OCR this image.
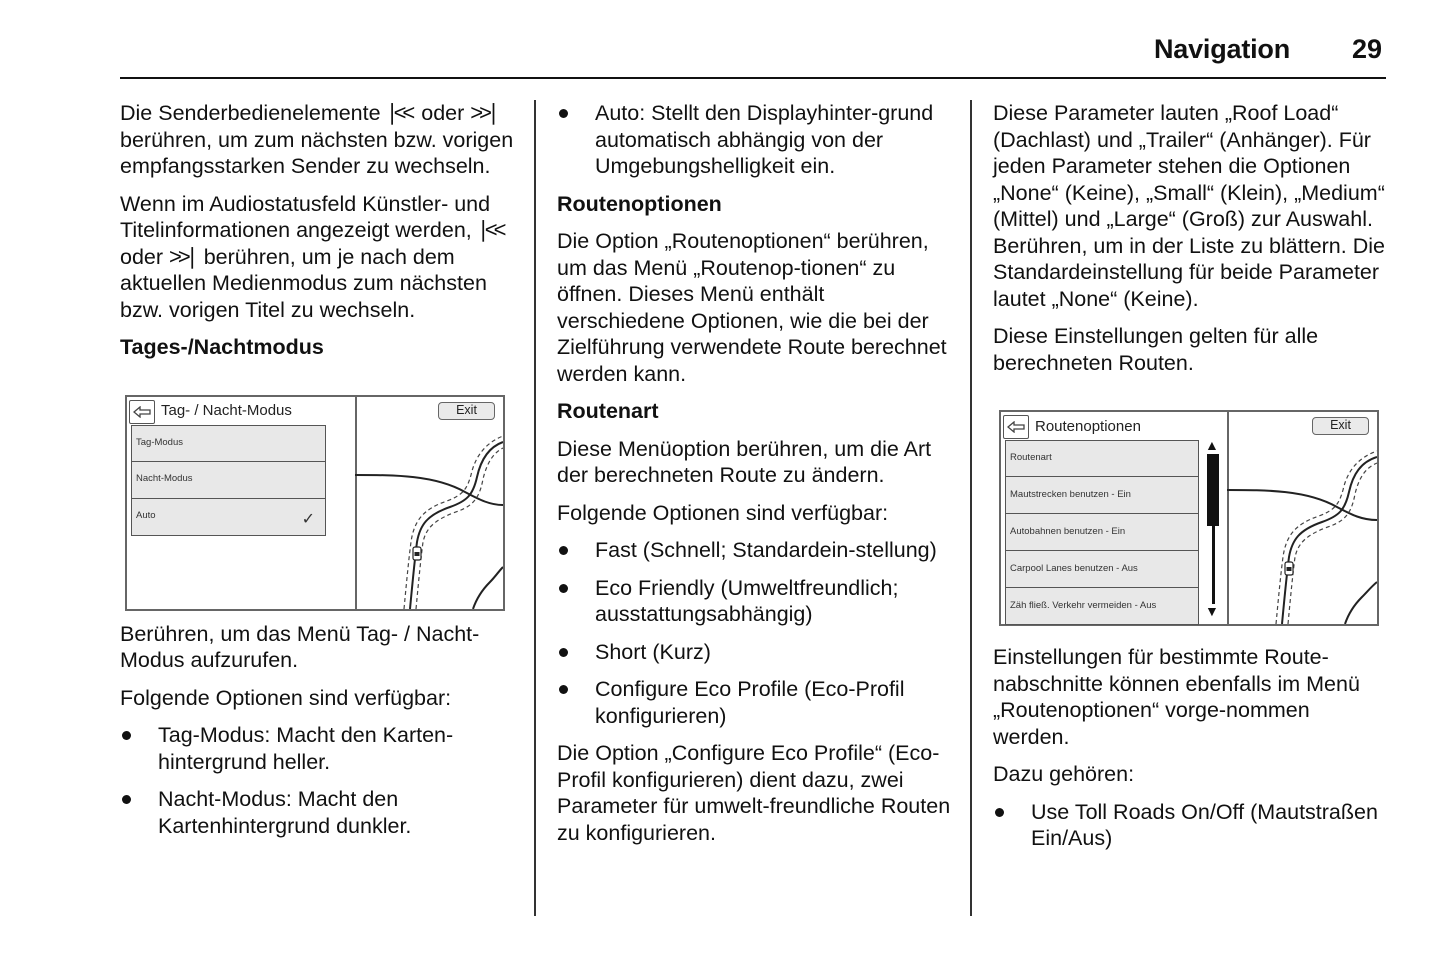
Navigation 29

Die Senderbedienelemente ∣<< oder >>∣ berühren, um zum nächsten bzw. vorigen empfangsstarken Sender zu wechseln.

Wenn im Audiostatusfeld Künstler- und Titelinformationen angezeigt werden, ∣<< oder >>∣ berühren, um je nach dem aktuellen Medienmodus zum nächsten bzw. vorigen Titel zu wechseln.

Tages-/Nachtmodus
Tag- / Nacht-Modus
Tag-Modus
Nacht-Modus
Auto	✓
Exit

Berühren, um das Menü Tag- / Nacht-Modus aufzurufen.

Folgende Optionen sind verfügbar:

Tag-Modus: Macht den Karten-hintergrund heller.
Nacht-Modus: Macht den Kartenhintergrund dunkler.
Auto: Stellt den Displayhinter-grund automatisch abhängig von der Umgebungshelligkeit ein.
Routenoptionen

Die Option „Routenoptionen“ berühren, um das Menü „Routenop-tionen“ zu öffnen. Dieses Menü enthält verschiedene Optionen, wie die bei der Zielführung verwendete Route berechnet werden kann.

Routenart

Diese Menüoption berühren, um die Art der berechneten Route zu ändern.

Folgende Optionen sind verfügbar:

Fast (Schnell; Standardein-stellung)
Eco Friendly (Umweltfreundlich; ausstattungsabhängig)
Short (Kurz)
Configure Eco Profile (Eco-Profil konfigurieren)

Die Option „Configure Eco Profile“ (Eco-Profil konfigurieren) dient dazu, zwei Parameter für umwelt-freundliche Routen zu konfigurieren.

Diese Parameter lauten „Roof Load“ (Dachlast) und „Trailer“ (Anhänger). Für jeden Parameter stehen die Optionen „None“ (Keine), „Small“ (Klein), „Medium“ (Mittel) und „Large“ (Groß) zur Auswahl. Berühren, um in der Liste zu blättern. Die Standardeinstellung für beide Parameter lautet „None“ (Keine).

Diese Einstellungen gelten für alle berechneten Routen.

Routenoptionen
Routenart
Mautstrecken benutzen - Ein
Autobahnen benutzen - Ein
Carpool Lanes benutzen - Aus
Zäh fließ. Verkehr vermeiden - Aus
▲
▼
Exit

Einstellungen für bestimmte Route-nabschnitte können ebenfalls im Menü „Routenoptionen“ vorge-nommen werden.

Dazu gehören:

Use Toll Roads On/Off (Mautstraßen Ein/Aus)
